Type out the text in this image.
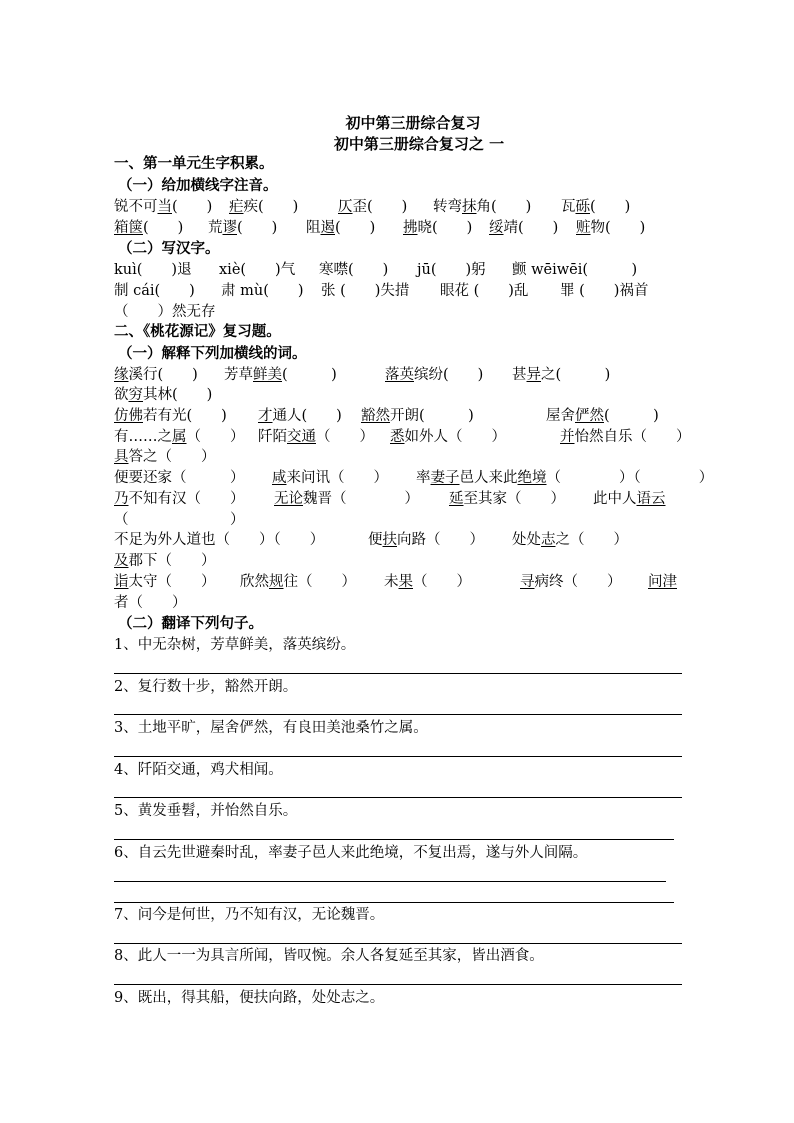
初中第三册综合复习
初中第三册综合复习之 一
一、第一单元生字积累。
（一）给加横线字注音。
锐不可当(　　) 疟疾(　　)	仄歪(　　) 转弯抹角(　　) 瓦砾(　　)
箱箧(　　) 荒谬(　　) 阻遏(　　) 拂晓(　　) 绥靖(　　) 赃物(　　)
（二）写汉字。
kuì(　　)退 xiè(　　)气 寒噤(　　) jū(　　)躬 颤 wēiwēi(　　　)
制 cái(　　) 肃 mù(　　) 张 (　　)失措 眼花 (　　)乱 罪 (　　)祸首
（　　）然无存
二、《桃花源记》复习题。
（一）解释下列加横线的词。
缘溪行(　　) 芳草鲜美(　　　)	落英缤纷(　　) 甚异之(　　　)
欲穷其林(　　)
仿佛若有光(　　) 才通人(　　) 豁然开朗(　　　)	屋舍俨然(　　　)
有……之属（　　） 阡陌交通（　　） 悉如外人（　　）	并怡然自乐（　　）
具答之（　　）
便要还家（　　　） 咸来问讯（　　） 率妻子邑人来此绝境（　　　　）（　　　　）
乃不知有汉（　　） 无论魏晋（　　　　） 延至其家（　　） 此中人语云
（　　　　　　　）
不足为外人道也（　　）（　　）	便扶向路（　　） 处处志之（　　）
及郡下（　　）
诣太守（　　） 欣然规往（　　） 未果（　　）	寻病终（　　） 问津
者（　　）
（二）翻译下列句子。
1、中无杂树，芳草鲜美，落英缤纷。
2、复行数十步，豁然开朗。
3、土地平旷，屋舍俨然，有良田美池桑竹之属。
4、阡陌交通，鸡犬相闻。
5、黄发垂髫，并怡然自乐。
6、自云先世避秦时乱，率妻子邑人来此绝境，不复出焉，遂与外人间隔。
7、问今是何世，乃不知有汉，无论魏晋。
8、此人一一为具言所闻，皆叹惋。余人各复延至其家，皆出酒食。
9、既出，得其船，便扶向路，处处志之。
